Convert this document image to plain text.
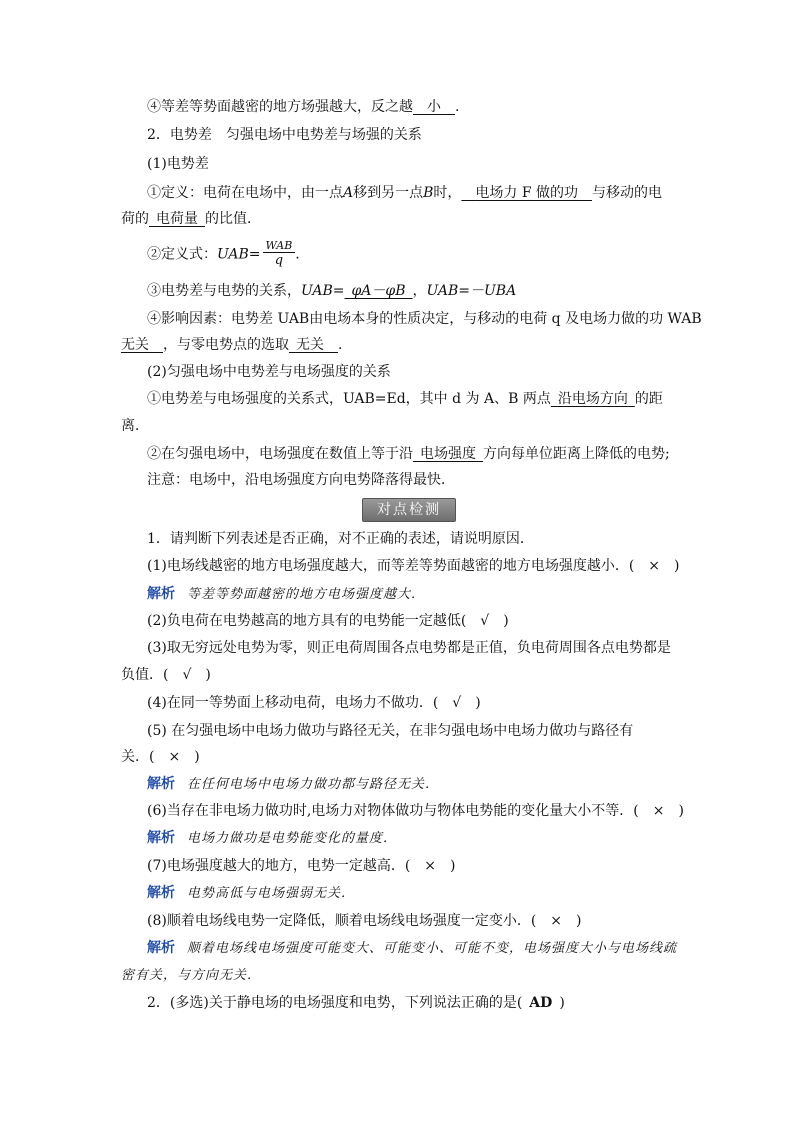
④等差等势面越密的地方场强越大，反之越  小  .
2．电势差　匀强电场中电势差与场强的关系
(1)电势差
①定义：电荷在电场中，由一点A移到另一点B时，  电场力 F 做的功  与移动的电
荷的  电荷量  的比值．
②定义式：$UAB= \frac{\text{WAB}}{q}$ .
③电势差与电势的关系，UAB=  φA－φB  ，UAB=－UBA
④影响因素：电势差 UAB由电场本身的性质决定，与移动的电荷 q 及电场力做的功 WAB
无关  ，与零电势点的选取  无关  .
(2)匀强电场中电势差与电场强度的关系
①电势差与电场强度的关系式，UAB=Ed，其中 d 为 A、B 两点  沿电场方向  的距
离．
②在匀强电场中，电场强度在数值上等于沿  电场强度  方向每单位距离上降低的电势;
注意：电场中，沿电场强度方向电势降落得最快．
对点检测
1．请判断下列表述是否正确，对不正确的表述，请说明原因．
(1)电场线越密的地方电场强度越大，而等差等势面越密的地方电场强度越小．(　×　)
解析 等差等势面越密的地方电场强度越大．
(2)负电荷在电势越高的地方具有的电势能一定越低(　√　)
(3)取无穷远处电势为零，则正电荷周围各点电势都是正值，负电荷周围各点电势都是
负值．(　√　)
(4)在同一等势面上移动电荷，电场力不做功．(　√　)
(5) 在匀强电场中电场力做功与路径无关，在非匀强电场中电场力做功与路径有
关．(　×　)
解析 在任何电场中电场力做功都与路径无关．
(6)当存在非电场力做功时,电场力对物体做功与物体电势能的变化量大小不等．(　×　)
解析 电场力做功是电势能变化的量度．
(7)电场强度越大的地方，电势一定越高．(　×　)
解析 电势高低与电场强弱无关．
(8)顺着电场线电势一定降低，顺着电场线电场强度一定变小．(　×　)
解析 顺着电场线电场强度可能变大、可能变小、可能不变，电场强度大小与电场线疏
密有关，与方向无关．
2．(多选)关于静电场的电场强度和电势，下列说法正确的是(  AD  )
